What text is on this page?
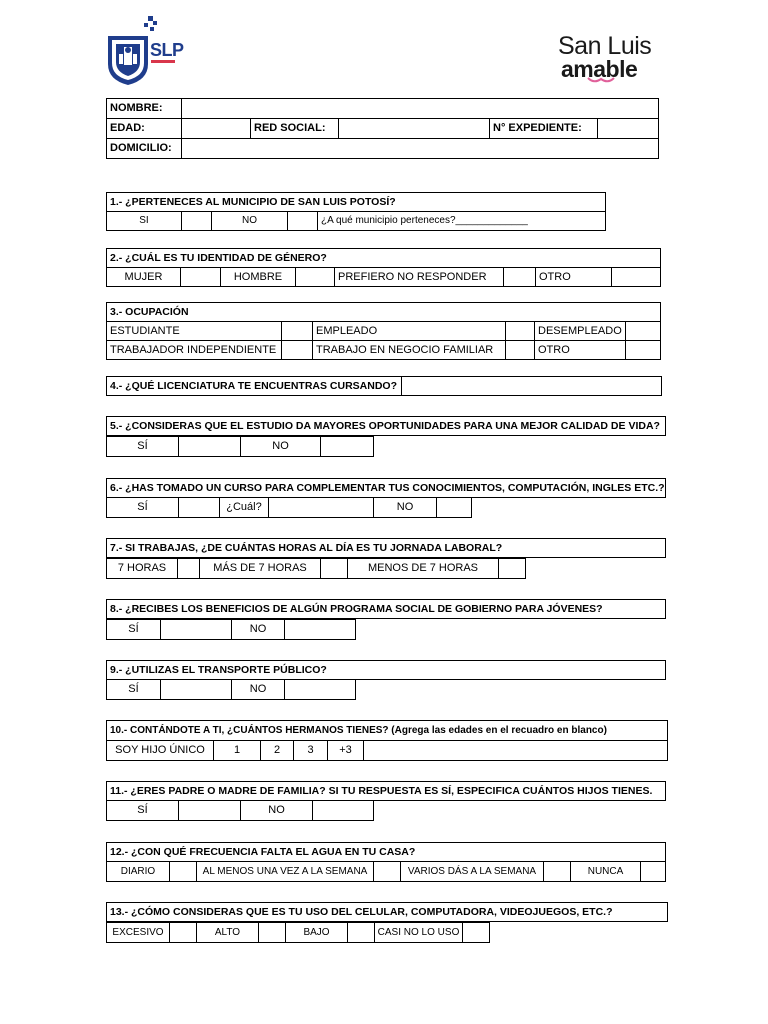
SLP	San Luis
amable
NOMBRE:
EDAD:	RED SOCIAL:	N° EXPEDIENTE:
DOMICILIO:
1.- ¿PERTENECES AL MUNICIPIO DE SAN LUIS POTOSÍ?
SI	NO	¿A qué municipio perteneces?_____________
2.- ¿CUÁL ES TU IDENTIDAD DE GÉNERO?
MUJER	HOMBRE	PREFIERO NO RESPONDER	OTRO
3.- OCUPACIÓN
ESTUDIANTE	EMPLEADO	DESEMPLEADO
TRABAJADOR INDEPENDIENTE	TRABAJO EN NEGOCIO FAMILIAR	OTRO
4.- ¿QUÉ LICENCIATURA TE ENCUENTRAS CURSANDO?
5.- ¿CONSIDERAS QUE EL ESTUDIO DA MAYORES OPORTUNIDADES PARA UNA MEJOR CALIDAD DE VIDA?
SÍ	NO
6.- ¿HAS TOMADO UN CURSO PARA COMPLEMENTAR TUS CONOCIMIENTOS, COMPUTACIÓN, INGLES ETC.?
SÍ	¿Cuál?	NO
7.- SI TRABAJAS, ¿DE CUÁNTAS HORAS AL DÍA ES TU JORNADA LABORAL?
7 HORAS	MÁS DE 7 HORAS	MENOS DE 7 HORAS
8.- ¿RECIBES LOS BENEFICIOS DE ALGÚN PROGRAMA SOCIAL DE GOBIERNO PARA JÓVENES?
SÍ	NO
9.- ¿UTILIZAS EL TRANSPORTE PÚBLICO?
SÍ	NO
10.- CONTÁNDOTE A TI, ¿CUÁNTOS HERMANOS TIENES? (Agrega las edades en el recuadro en blanco)
SOY HIJO ÚNICO	1	2	3	+3
11.- ¿ERES PADRE O MADRE DE FAMILIA? SI TU RESPUESTA ES SÍ, ESPECIFICA CUÁNTOS HIJOS TIENES.
SÍ	NO
12.- ¿CON QUÉ FRECUENCIA FALTA EL AGUA EN TU CASA?
DIARIO	AL MENOS UNA VEZ A LA SEMANA	VARIOS DÁS A LA SEMANA	NUNCA
13.- ¿CÓMO CONSIDERAS QUE ES TU USO DEL CELULAR, COMPUTADORA, VIDEOJUEGOS, ETC.?
EXCESIVO	ALTO	BAJO	CASI NO LO USO
